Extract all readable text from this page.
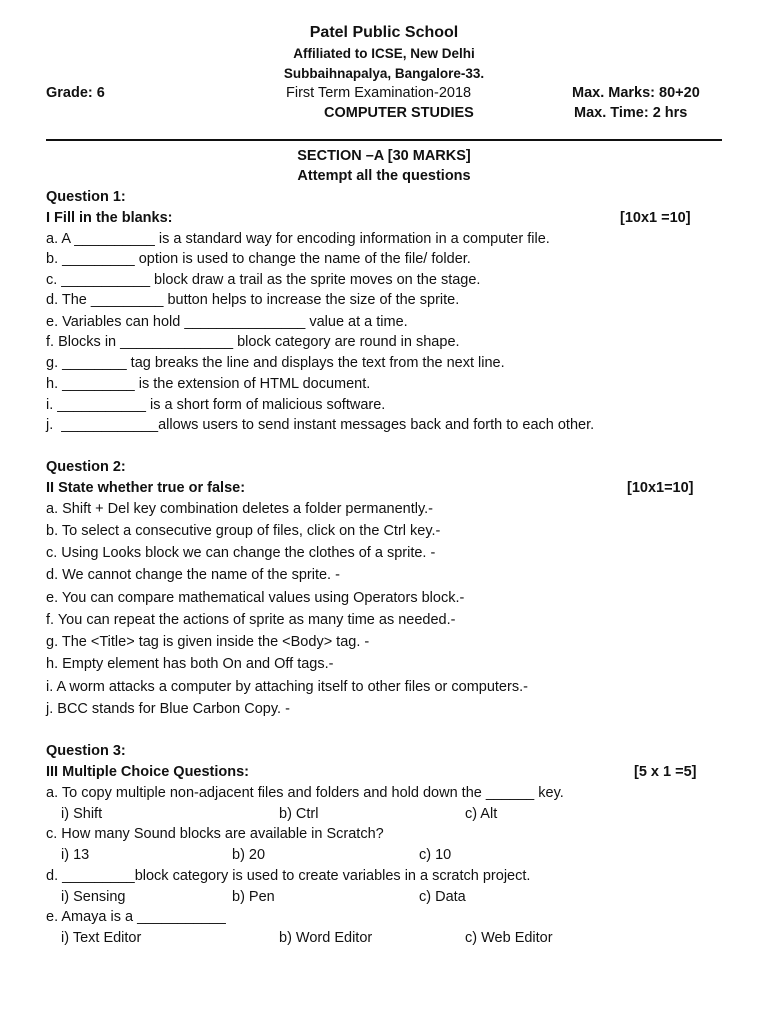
Patel Public School
Affiliated to ICSE, New Delhi
Subbaihnapalya, Bangalore-33.
Grade: 6	First Term Examination-2018	Max. Marks: 80+20
COMPUTER STUDIES	Max. Time: 2 hrs
SECTION –A [30 MARKS]
Attempt all the questions
Question 1:
I Fill in the blanks:	[10x1 =10]
a. A __________ is a standard way for encoding information in a computer file.
b. _________ option is used to change the name of the file/ folder.
c. ___________ block draw a trail as the sprite moves on the stage.
d. The _________ button helps to increase the size of the sprite.
e. Variables can hold _______________ value at a time.
f. Blocks in ______________ block category are round in shape.
g. ________ tag breaks the line and displays the text from the next line.
h. _________ is the extension of HTML document.
i. ___________ is a short form of malicious software.
j.  ____________allows users to send instant messages back and forth to each other.
Question 2:
II State whether true or false:	[10x1=10]
a. Shift + Del key combination deletes a folder permanently.-
b. To select a consecutive group of files, click on the Ctrl key.-
c. Using Looks block we can change the clothes of a sprite. -
d. We cannot change the name of the sprite. -
e. You can compare mathematical values using Operators block.-
f. You can repeat the actions of sprite as many time as needed.-
g. The <Title> tag is given inside the <Body> tag. -
h. Empty element has both On and Off tags.-
i. A worm attacks a computer by attaching itself to other files or computers.-
j. BCC stands for Blue Carbon Copy. -
Question 3:
III Multiple Choice Questions:	[5 x 1 =5]
a. To copy multiple non-adjacent files and folders and hold down the ______ key.
i) Shift	b) Ctrl	c) Alt
c. How many Sound blocks are available in Scratch?
i) 13	b) 20	c) 10
d. _________block category is used to create variables in a scratch project.
i) Sensing	b) Pen	c) Data
e. Amaya is a ___________
i) Text Editor	b) Word Editor	c) Web Editor
